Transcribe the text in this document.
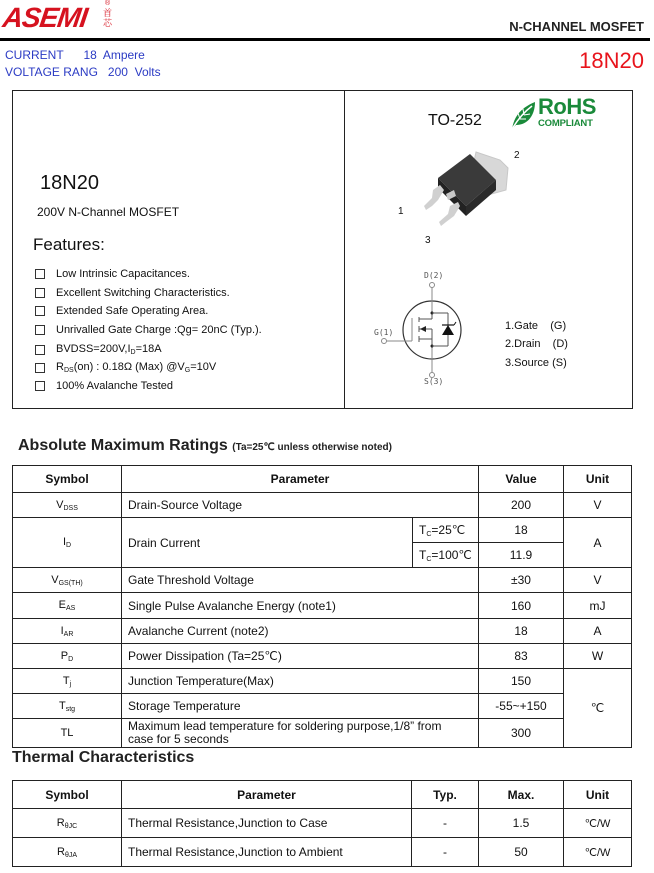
ASEMI ®
首芯	N-CHANNEL MOSFET
CURRENT 18  Ampere
VOLTAGE RANG 200  Volts	18N20
18N20
200V N-Channel MOSFET
Features:
Low Intrinsic Capacitances.
Excellent Switching Characteristics.
Extended Safe Operating Area.
Unrivalled Gate Charge :Qg= 20nC (Typ.).
$BVDSS=200V,I_D=18A$
$R_{DS}(on)$ : 0.18Ω (Max) $@V_G=10V$
100% Avalanche Tested
TO-252
RoHS
COMPLIANT
2
1
3
D(2)
G(1)
S(3)
1.Gate    (G)
2.Drain    (D)
3.Source (S)
Absolute Maximum Ratings (Ta=25℃ unless otherwise noted)
Symbol	Parameter		Value	Unit
$V_{DSS}$	Drain-Source Voltage		200	V
$I_D$	Drain Current	$T_C=25℃$	18	A
		$T_C=100℃$	11.9	
$V_{GS(TH)}$	Gate Threshold Voltage		±30	V
$E_{AS}$	Single Pulse Avalanche Energy (note1)		160	mJ
$I_{AR}$	Avalanche Current (note2)		18	A
$P_D$	Power Dissipation (Ta=25℃)		83	W
$T_j$	Junction Temperature(Max)		150	℃
$T_{stg}$	Storage Temperature		-55~+150	
TL	Maximum lead temperature for soldering purpose,1/8” from case for 5 seconds		300	
Thermal Characteristics
Symbol	Parameter	Typ.	Max.	Unit
$R_{\theta JC}$	Thermal Resistance,Junction to Case	-	1.5	℃/W
$R_{\theta JA}$	Thermal Resistance,Junction to Ambient	-	50	℃/W
